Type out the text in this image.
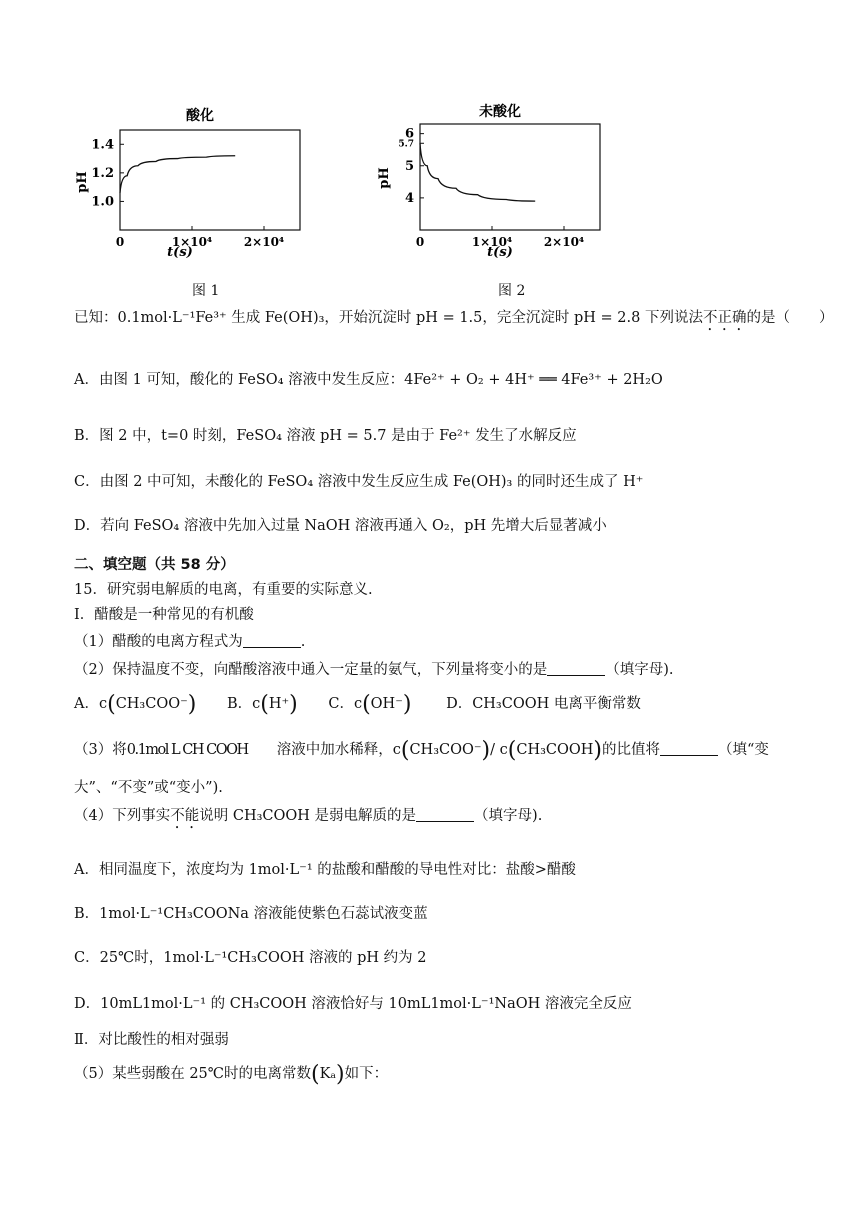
酸化
pH
t(s)
1.4
1.2
1.0
0	1×10⁴	2×10⁴
未酸化
pH
t(s)
6
5.7
5
4
0	1×10⁴	2×10⁴
图 1	图 2
已知：0.1mol·L⁻¹Fe³⁺ 生成 Fe(OH)₃，开始沉淀时 pH = 1.5，完全沉淀时 pH = 2.8 下列说法不正确的是（　　）
A．由图 1 可知，酸化的 FeSO₄ 溶液中发生反应：4Fe²⁺ + O₂ + 4H⁺ ══ 4Fe³⁺ + 2H₂O
B．图 2 中，t=0 时刻，FeSO₄ 溶液 pH = 5.7 是由于 Fe²⁺ 发生了水解反应
C．由图 2 中可知，未酸化的 FeSO₄ 溶液中发生反应生成 Fe(OH)₃ 的同时还生成了 H⁺
D．若向 FeSO₄ 溶液中先加入过量 NaOH 溶液再通入 O₂，pH 先增大后显著减小
二、填空题（共 58 分）
15．研究弱电解质的电离，有重要的实际意义.
Ⅰ．醋酸是一种常见的有机酸
（1）醋酸的电离方程式为	.
（2）保持温度不变，向醋酸溶液中通入一定量的氨气，下列量将变小的是	（填字母).
A．c(CH₃COO⁻) B．c(H⁺) C．c(OH⁻) D．CH₃COOH 电离平衡常数
（3）将0.1mol L CH COOH 溶液中加水稀释，c(CH₃COO⁻)/ c(CH₃COOH)的比值将	（填“变
大”、“不变”或“变小”).
（4）下列事实不能说明 CH₃COOH 是弱电解质的是	（填字母).
A．相同温度下，浓度均为 1mol·L⁻¹ 的盐酸和醋酸的导电性对比：盐酸>醋酸
B．1mol·L⁻¹CH₃COONa 溶液能使紫色石蕊试液变蓝
C．25℃时，1mol·L⁻¹CH₃COOH 溶液的 pH 约为 2
D．10mL1mol·L⁻¹ 的 CH₃COOH 溶液恰好与 10mL1mol·L⁻¹NaOH 溶液完全反应
Ⅱ．对比酸性的相对强弱
（5）某些弱酸在 25℃时的电离常数(Kₐ)如下：
